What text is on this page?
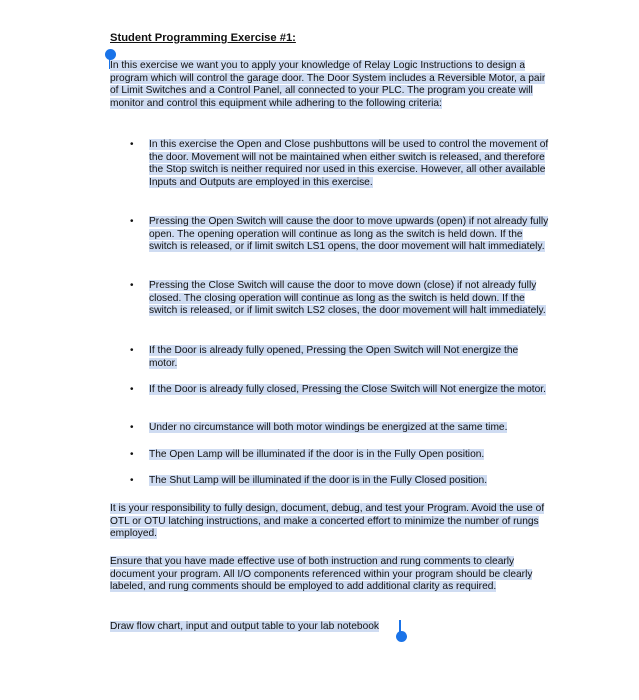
Student Programming Exercise #1:

In this exercise we want you to apply your knowledge of Relay Logic Instructions to design a program which will control the garage door. The Door System includes a Reversible Motor, a pair of Limit Switches and a Control Panel, all connected to your PLC. The program you create will monitor and control this equipment while adhering to the following criteria:

•	In this exercise the Open and Close pushbuttons will be used to control the movement of the door. Movement will not be maintained when either switch is released, and therefore the Stop switch is neither required nor used in this exercise. However, all other available Inputs and Outputs are employed in this exercise.
•	Pressing the Open Switch will cause the door to move upwards (open) if not already fully open. The opening operation will continue as long as the switch is held down. If the switch is released, or if limit switch LS1 opens, the door movement will halt immediately.
•	Pressing the Close Switch will cause the door to move down (close) if not already fully closed. The closing operation will continue as long as the switch is held down. If the switch is released, or if limit switch LS2 closes, the door movement will halt immediately.
•	If the Door is already fully opened, Pressing the Open Switch will Not energize the motor.
•	If the Door is already fully closed, Pressing the Close Switch will Not energize the motor.
•	Under no circumstance will both motor windings be energized at the same time.
•	The Open Lamp will be illuminated if the door is in the Fully Open position.
•	The Shut Lamp will be illuminated if the door is in the Fully Closed position.

It is your responsibility to fully design, document, debug, and test your Program. Avoid the use of OTL or OTU latching instructions, and make a concerted effort to minimize the number of rungs employed.

Ensure that you have made effective use of both instruction and rung comments to clearly document your program. All I/O components referenced within your program should be clearly labeled, and rung comments should be employed to add additional clarity as required.

Draw flow chart, input and output table to your lab notebook
